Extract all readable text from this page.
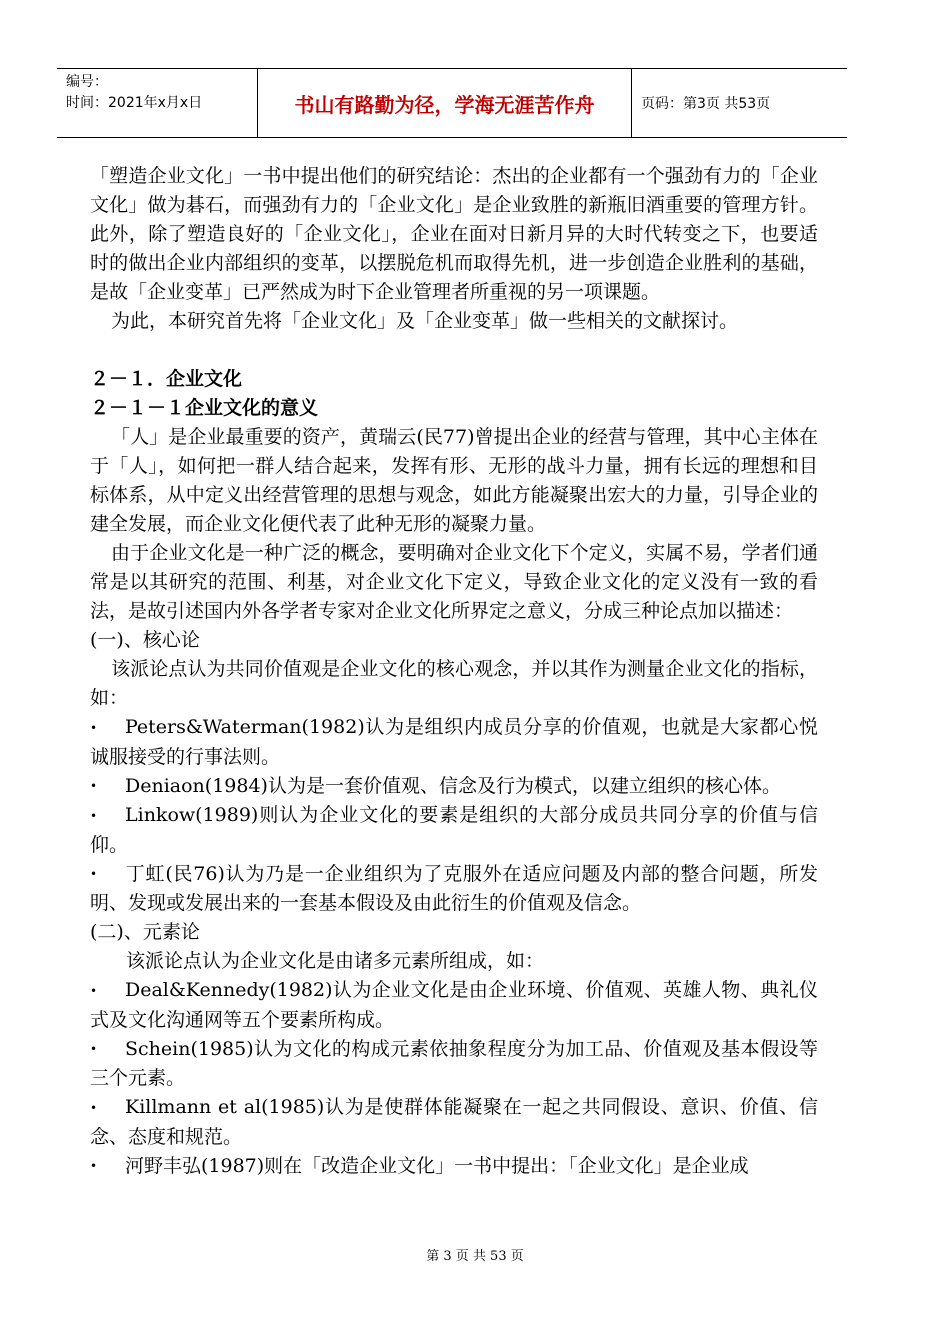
编号：
时间：2021年x月x日	书山有路勤为径，学海无涯苦作舟	页码：第3页 共53页

「塑造企业文化」一书中提出他们的研究结论：杰出的企业都有一个强劲有力的「企业文化」做为碁石，而强劲有力的「企业文化」是企业致胜的新瓶旧酒重要的管理方针。此外，除了塑造良好的「企业文化」，企业在面对日新月异的大时代转变之下，也要适时的做出企业内部组织的变革，以摆脱危机而取得先机，进一步创造企业胜利的基础，是故「企业变革」已严然成为时下企业管理者所重视的另一项课题。

为此，本研究首先将「企业文化」及「企业变革」做一些相关的文献探讨。

２－１．企业文化

２－１－１企业文化的意义

「人」是企业最重要的资产，黄瑞云(民77)曾提出企业的经营与管理，其中心主体在于「人」，如何把一群人结合起来，发挥有形、无形的战斗力量，拥有长远的理想和目标体系，从中定义出经营管理的思想与观念，如此方能凝聚出宏大的力量，引导企业的建全发展，而企业文化便代表了此种无形的凝聚力量。

由于企业文化是一种广泛的概念，要明确对企业文化下个定义，实属不易，学者们通常是以其研究的范围、利基，对企业文化下定义，导致企业文化的定义没有一致的看法，是故引述国内外各学者专家对企业文化所界定之意义，分成三种论点加以描述：

(一)、核心论

该派论点认为共同价值观是企业文化的核心观念，并以其作为测量企业文化的指标，如：

• Peters&Waterman(1982)认为是组织内成员分享的价值观，也就是大家都心悦诚服接受的行事法则。
• Deniaon(1984)认为是一套价值观、信念及行为模式，以建立组织的核心体。
• Linkow(1989)则认为企业文化的要素是组织的大部分成员共同分享的价值与信仰。
• 丁虹(民76)认为乃是一企业组织为了克服外在适应问题及内部的整合问题，所发明、发现或发展出来的一套基本假设及由此衍生的价值观及信念。

(二)、元素论

该派论点认为企业文化是由诸多元素所组成，如：

• Deal&Kennedy(1982)认为企业文化是由企业环境、价值观、英雄人物、典礼仪式及文化沟通网等五个要素所构成。
• Schein(1985)认为文化的构成元素依抽象程度分为加工品、价值观及基本假设等三个元素。
• Killmann et al(1985)认为是使群体能凝聚在一起之共同假设、意识、价值、信念、态度和规范。
• 河野丰弘(1987)则在「改造企业文化」一书中提出：「企业文化」是企业成
第 3 页 共 53 页
